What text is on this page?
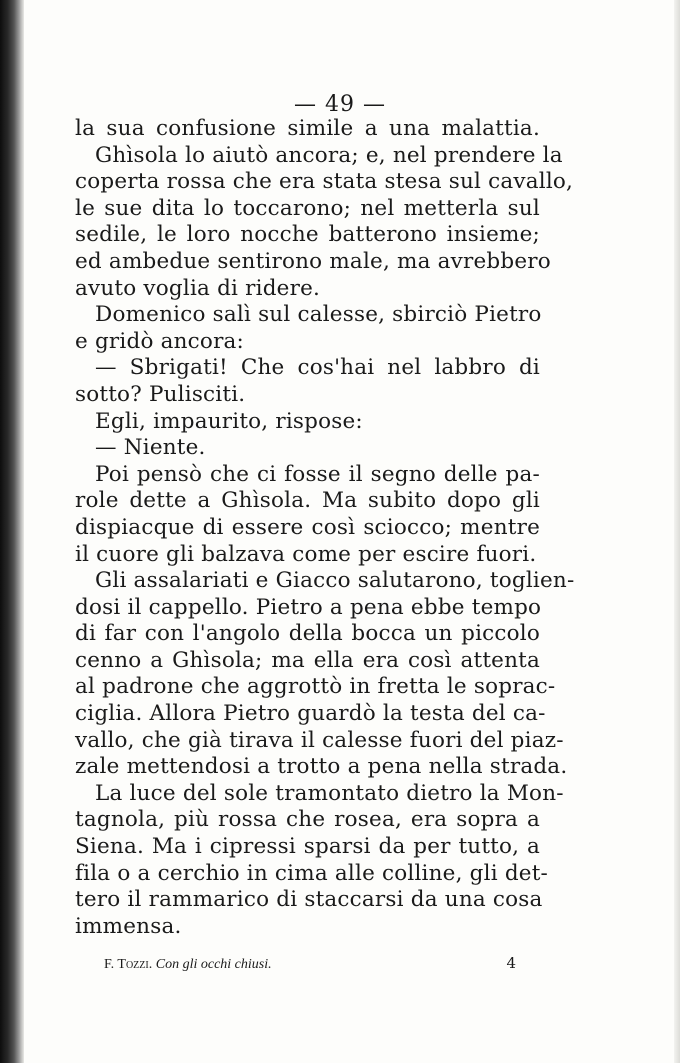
— 49 —
la sua confusione simile a una malattia.
Ghìsola lo aiutò ancora; e, nel prendere la
coperta rossa che era stata stesa sul cavallo,
le sue dita lo toccarono; nel metterla sul
sedile, le loro nocche batterono insieme;
ed ambedue sentirono male, ma avrebbero
avuto voglia di ridere.
Domenico salì sul calesse, sbirciò Pietro
e gridò ancora:
— Sbrigati! Che cos'hai nel labbro di
sotto? Pulisciti.
Egli, impaurito, rispose:
— Niente.
Poi pensò che ci fosse il segno delle pa-
role dette a Ghìsola. Ma subito dopo gli
dispiacque di essere così sciocco; mentre
il cuore gli balzava come per escire fuori.
Gli assalariati e Giacco salutarono, toglien-
dosi il cappello. Pietro a pena ebbe tempo
di far con l'angolo della bocca un piccolo
cenno a Ghìsola; ma ella era così attenta
al padrone che aggrottò in fretta le soprac-
ciglia. Allora Pietro guardò la testa del ca-
vallo, che già tirava il calesse fuori del piaz-
zale mettendosi a trotto a pena nella strada.
La luce del sole tramontato dietro la Mon-
tagnola, più rossa che rosea, era sopra a
Siena. Ma i cipressi sparsi da per tutto, a
fila o a cerchio in cima alle colline, gli det-
tero il rammarico di staccarsi da una cosa
immensa.
F. Tozzi. Con gli occhi chiusi.	4
